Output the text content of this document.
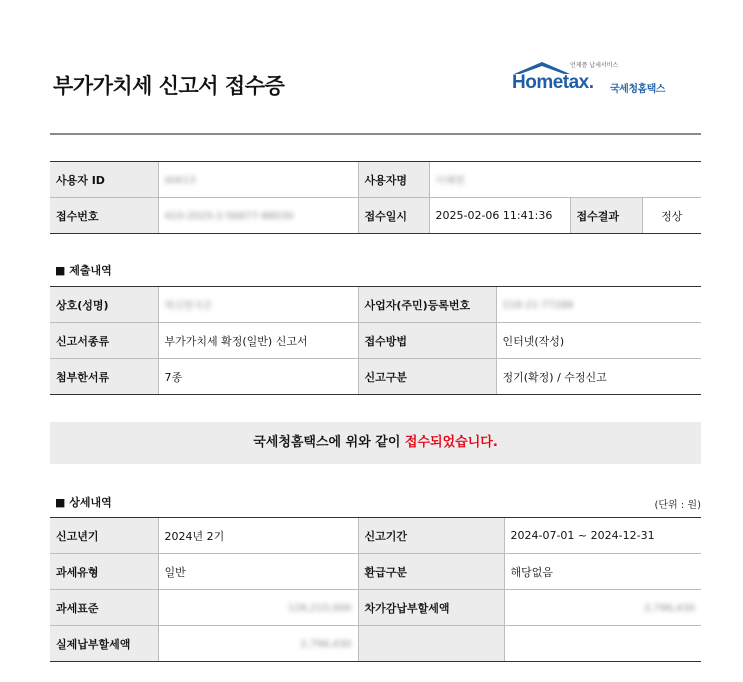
부가가치세 신고서 접수증
언제쯤 납세서비스
Hometax. 국세청홈택스
사용자 ID	dok13	사용자명	이혜현		
접수번호	410-2025-2-56677-88030	접수일시	2025-02-06 11:41:36	접수결과	정상
■ 제출내역
상호(성명)	혁신한국은	사업자(주민)등록번호	218-21-77288
신고서종류	부가가치세 확정(일반) 신고서	접수방법	인터넷(작성)
첨부한서류	7종	신고구분	정기(확정) / 수정신고
국세청홈택스에 위와 같이 접수되었습니다.
■ 상세내역	(단위 : 원)
신고년기	2024년 2기	신고기간	2024-07-01 ~ 2024-12-31
과세유형	일반	환급구분	해당없음
과세표준	126,215,000	차가감납부할세액	2,796,430
실제납부할세액	2,796,430		
